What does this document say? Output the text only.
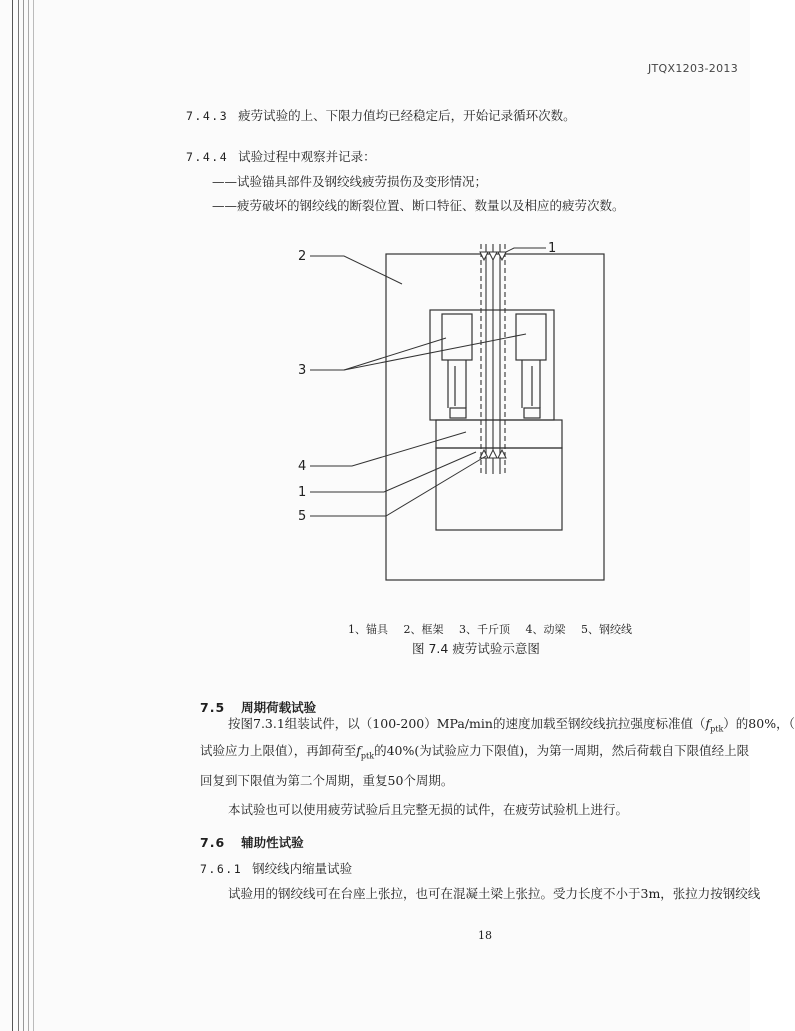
JTQX1203-2013
7.4.3 疲劳试验的上、下限力值均已经稳定后，开始记录循环次数。
7.4.4 试验过程中观察并记录：
——试验锚具部件及钢绞线疲劳损伤及变形情况；
——疲劳破坏的钢绞线的断裂位置、断口特征、数量以及相应的疲劳次数。
2
1
3
4
1
5
1、锚具 2、框架 3、千斤顶 4、动梁 5、钢绞线
图 7.4 疲劳试验示意图
7.5 周期荷载试验
按图7.3.1组装试件，以（100-200）MPa/min的速度加载至钢绞线抗拉强度标准值$(f_{ptk})$的80%，（
试验应力上限值），再卸荷至$f_{ptk}$的40%(为试验应力下限值)，为第一周期，然后荷载自下限值经上限
回复到下限值为第二个周期，重复50个周期。
本试验也可以使用疲劳试验后且完整无损的试件，在疲劳试验机上进行。
7.6 辅助性试验
7.6.1 钢绞线内缩量试验
试验用的钢绞线可在台座上张拉，也可在混凝土梁上张拉。受力长度不小于3m，张拉力按钢绞线
18
